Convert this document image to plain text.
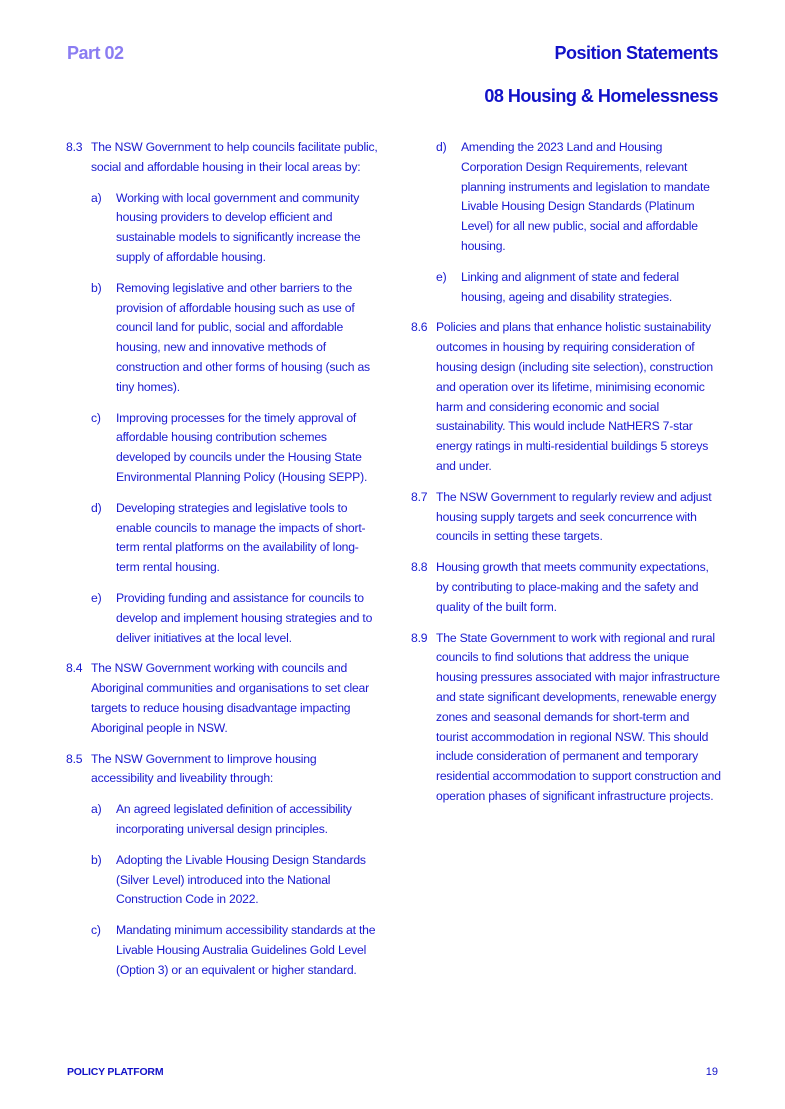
Part 02	Position Statements
08 Housing & Homelessness
8.3 The NSW Government to help councils facilitate public, social and affordable housing in their local areas by:
a)	Working with local government and community housing providers to develop efficient and sustainable models to significantly increase the supply of affordable housing.
b)	Removing legislative and other barriers to the provision of affordable housing such as use of council land for public, social and affordable housing, new and innovative methods of construction and other forms of housing (such as tiny homes).
c)	Improving processes for the timely approval of affordable housing contribution schemes developed by councils under the Housing State Environmental Planning Policy (Housing SEPP).
d)	Developing strategies and legislative tools to enable councils to manage the impacts of short-term rental platforms on the availability of long-term rental housing.
e)	Providing funding and assistance for councils to develop and implement housing strategies and to deliver initiatives at the local level.
8.4 The NSW Government working with councils and Aboriginal communities and organisations to set clear targets to reduce housing disadvantage impacting Aboriginal people in NSW.
8.5 The NSW Government to Iimprove housing accessibility and liveability through:
a)	An agreed legislated definition of accessibility incorporating universal design principles.
b)	Adopting the Livable Housing Design Standards (Silver Level) introduced into the National Construction Code in 2022.
c)	Mandating minimum accessibility standards at the Livable Housing Australia Guidelines Gold Level (Option 3) or an equivalent or higher standard.
d)	Amending the 2023 Land and Housing Corporation Design Requirements, relevant planning instruments and legislation to mandate Livable Housing Design Standards (Platinum Level) for all new public, social and affordable housing.
e)	Linking and alignment of state and federal housing, ageing and disability strategies.
8.6 Policies and plans that enhance holistic sustainability outcomes in housing by requiring consideration of housing design (including site selection), construction and operation over its lifetime, minimising economic harm and considering economic and social sustainability. This would include NatHERS 7-star energy ratings in multi-residential buildings 5 storeys and under.
8.7 The NSW Government to regularly review and adjust housing supply targets and seek concurrence with councils in setting these targets.
8.8 Housing growth that meets community expectations, by contributing to place-making and the safety and quality of the built form.
8.9 The State Government to work with regional and rural councils to find solutions that address the unique housing pressures associated with major infrastructure and state significant developments, renewable energy zones and seasonal demands for short-term and tourist accommodation in regional NSW. This should include consideration of permanent and temporary residential accommodation to support construction and operation phases of significant infrastructure projects.
POLICY PLATFORM	19
